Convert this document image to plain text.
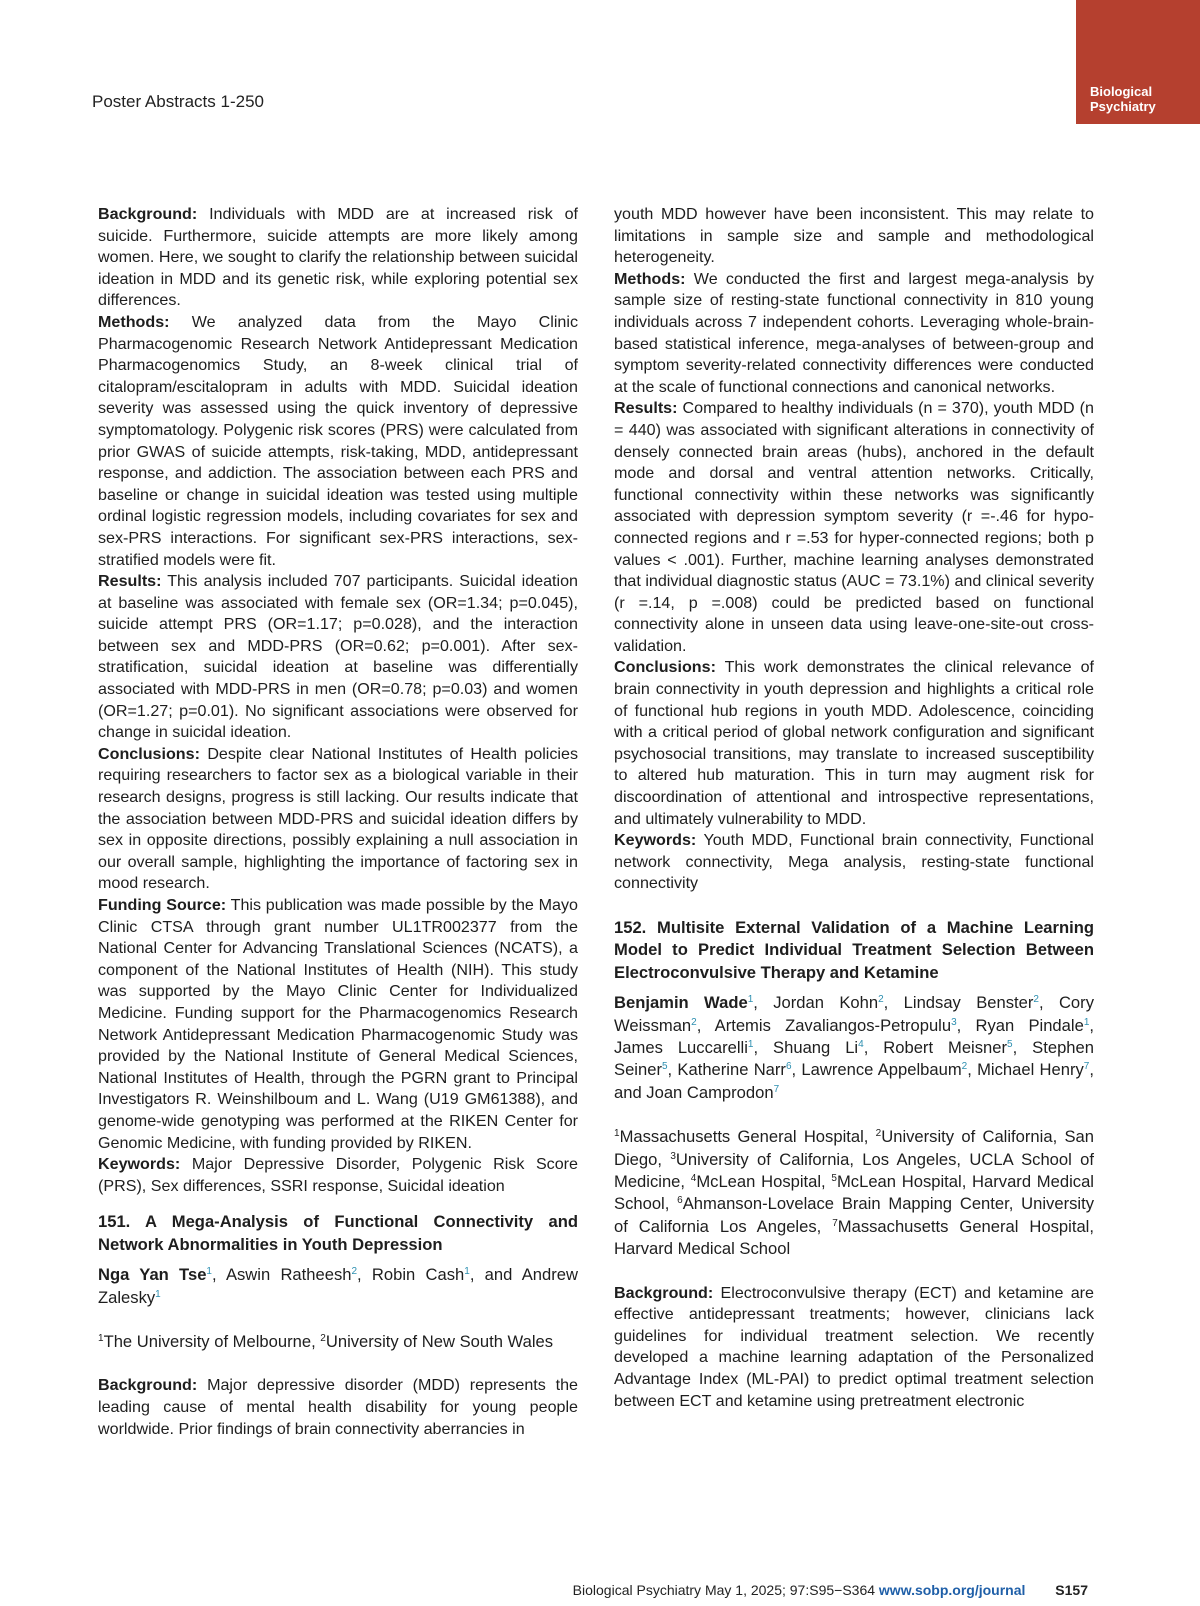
Poster Abstracts 1-250
Biological
Psychiatry

Background: Individuals with MDD are at increased risk of suicide. Furthermore, suicide attempts are more likely among women. Here, we sought to clarify the relationship between suicidal ideation in MDD and its genetic risk, while exploring potential sex differences.

Methods: We analyzed data from the Mayo Clinic Pharmacogenomic Research Network Antidepressant Medication Pharmacogenomics Study, an 8-week clinical trial of citalopram/escitalopram in adults with MDD. Suicidal ideation severity was assessed using the quick inventory of depressive symptomatology. Polygenic risk scores (PRS) were calculated from prior GWAS of suicide attempts, risk-taking, MDD, antidepressant response, and addiction. The association between each PRS and baseline or change in suicidal ideation was tested using multiple ordinal logistic regression models, including covariates for sex and sex-PRS interactions. For significant sex-PRS interactions, sex-stratified models were fit.

Results: This analysis included 707 participants. Suicidal ideation at baseline was associated with female sex (OR=1.34; p=0.045), suicide attempt PRS (OR=1.17; p=0.028), and the interaction between sex and MDD-PRS (OR=0.62; p=0.001). After sex-stratification, suicidal ideation at baseline was differentially associated with MDD-PRS in men (OR=0.78; p=0.03) and women (OR=1.27; p=0.01). No significant associations were observed for change in suicidal ideation.

Conclusions: Despite clear National Institutes of Health policies requiring researchers to factor sex as a biological variable in their research designs, progress is still lacking. Our results indicate that the association between MDD-PRS and suicidal ideation differs by sex in opposite directions, possibly explaining a null association in our overall sample, highlighting the importance of factoring sex in mood research.

Funding Source: This publication was made possible by the Mayo Clinic CTSA through grant number UL1TR002377 from the National Center for Advancing Translational Sciences (NCATS), a component of the National Institutes of Health (NIH). This study was supported by the Mayo Clinic Center for Individualized Medicine. Funding support for the Pharmacogenomics Research Network Antidepressant Medication Pharmacogenomic Study was provided by the National Institute of General Medical Sciences, National Institutes of Health, through the PGRN grant to Principal Investigators R. Weinshilboum and L. Wang (U19 GM61388), and genome-wide genotyping was performed at the RIKEN Center for Genomic Medicine, with funding provided by RIKEN.

Keywords: Major Depressive Disorder, Polygenic Risk Score (PRS), Sex differences, SSRI response, Suicidal ideation

151. A Mega-Analysis of Functional Connectivity and Network Abnormalities in Youth Depression

Nga Yan Tse$^1$, Aswin Ratheesh$^2$, Robin Cash$^1$, and Andrew Zalesky$^1$

$^1$The University of Melbourne, $^2$University of New South Wales

Background: Major depressive disorder (MDD) represents the leading cause of mental health disability for young people worldwide. Prior findings of brain connectivity aberrancies in

youth MDD however have been inconsistent. This may relate to limitations in sample size and sample and methodological heterogeneity.

Methods: We conducted the first and largest mega-analysis by sample size of resting-state functional connectivity in 810 young individuals across 7 independent cohorts. Leveraging whole-brain-based statistical inference, mega-analyses of between-group and symptom severity-related connectivity differences were conducted at the scale of functional connections and canonical networks.

Results: Compared to healthy individuals (n = 370), youth MDD (n = 440) was associated with significant alterations in connectivity of densely connected brain areas (hubs), anchored in the default mode and dorsal and ventral attention networks. Critically, functional connectivity within these networks was significantly associated with depression symptom severity (r =-.46 for hypo-connected regions and r =.53 for hyper-connected regions; both p values < .001). Further, machine learning analyses demonstrated that individual diagnostic status (AUC = 73.1%) and clinical severity (r =.14, p =.008) could be predicted based on functional connectivity alone in unseen data using leave-one-site-out cross-validation.

Conclusions: This work demonstrates the clinical relevance of brain connectivity in youth depression and highlights a critical role of functional hub regions in youth MDD. Adolescence, coinciding with a critical period of global network configuration and significant psychosocial transitions, may translate to increased susceptibility to altered hub maturation. This in turn may augment risk for discoordination of attentional and introspective representations, and ultimately vulnerability to MDD.

Keywords: Youth MDD, Functional brain connectivity, Functional network connectivity, Mega analysis, resting-state functional connectivity

152. Multisite External Validation of a Machine Learning Model to Predict Individual Treatment Selection Between Electroconvulsive Therapy and Ketamine

Benjamin Wade$^1$, Jordan Kohn$^2$, Lindsay Benster$^2$, Cory Weissman$^2$, Artemis Zavaliangos-Petropulu$^3$, Ryan Pindale$^1$, James Luccarelli$^1$, Shuang Li$^4$, Robert Meisner$^5$, Stephen Seiner$^5$, Katherine Narr$^6$, Lawrence Appelbaum$^2$, Michael Henry$^7$, and Joan Camprodon$^7$

$^1$Massachusetts General Hospital, $^2$University of California, San Diego, $^3$University of California, Los Angeles, UCLA School of Medicine, $^4$McLean Hospital, $^5$McLean Hospital, Harvard Medical School, $^6$Ahmanson-Lovelace Brain Mapping Center, University of California Los Angeles, $^7$Massachusetts General Hospital, Harvard Medical School

Background: Electroconvulsive therapy (ECT) and ketamine are effective antidepressant treatments; however, clinicians lack guidelines for individual treatment selection. We recently developed a machine learning adaptation of the Personalized Advantage Index (ML-PAI) to predict optimal treatment selection between ECT and ketamine using pretreatment electronic

Biological Psychiatry May 1, 2025; 97:S95−S364 www.sobp.org/journal S157
